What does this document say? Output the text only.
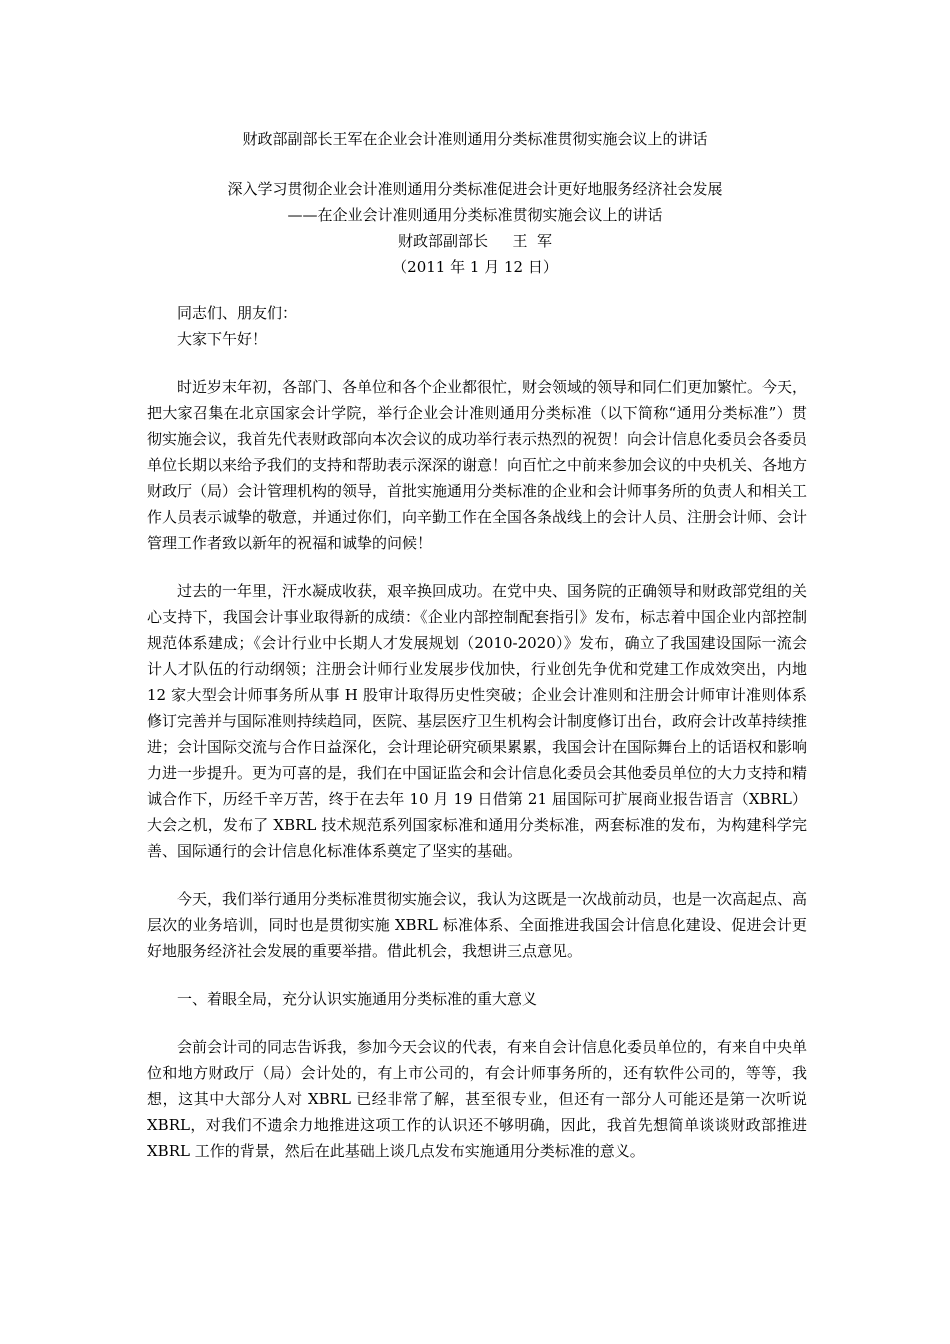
财政部副部长王军在企业会计准则通用分类标准贯彻实施会议上的讲话
深入学习贯彻企业会计准则通用分类标准促进会计更好地服务经济社会发展
——在企业会计准则通用分类标准贯彻实施会议上的讲话
财政部副部长　  王  军
（2011 年 1 月 12 日）

同志们、朋友们：

大家下午好！

时近岁末年初，各部门、各单位和各个企业都很忙，财会领域的领导和同仁们更加繁忙。今天，把大家召集在北京国家会计学院，举行企业会计准则通用分类标准（以下简称“通用分类标准”）贯彻实施会议，我首先代表财政部向本次会议的成功举行表示热烈的祝贺！向会计信息化委员会各委员单位长期以来给予我们的支持和帮助表示深深的谢意！向百忙之中前来参加会议的中央机关、各地方财政厅（局）会计管理机构的领导，首批实施通用分类标准的企业和会计师事务所的负责人和相关工作人员表示诚挚的敬意，并通过你们，向辛勤工作在全国各条战线上的会计人员、注册会计师、会计管理工作者致以新年的祝福和诚挚的问候！

过去的一年里，汗水凝成收获，艰辛换回成功。在党中央、国务院的正确领导和财政部党组的关心支持下，我国会计事业取得新的成绩：《企业内部控制配套指引》发布，标志着中国企业内部控制规范体系建成；《会计行业中长期人才发展规划（2010-2020）》发布，确立了我国建设国际一流会计人才队伍的行动纲领；注册会计师行业发展步伐加快，行业创先争优和党建工作成效突出，内地 12 家大型会计师事务所从事 H 股审计取得历史性突破；企业会计准则和注册会计师审计准则体系修订完善并与国际准则持续趋同，医院、基层医疗卫生机构会计制度修订出台，政府会计改革持续推进；会计国际交流与合作日益深化，会计理论研究硕果累累，我国会计在国际舞台上的话语权和影响力进一步提升。更为可喜的是，我们在中国证监会和会计信息化委员会其他委员单位的大力支持和精诚合作下，历经千辛万苦，终于在去年 10 月 19 日借第 21 届国际可扩展商业报告语言（XBRL）大会之机，发布了 XBRL 技术规范系列国家标准和通用分类标准，两套标准的发布，为构建科学完善、国际通行的会计信息化标准体系奠定了坚实的基础。

今天，我们举行通用分类标准贯彻实施会议，我认为这既是一次战前动员，也是一次高起点、高层次的业务培训，同时也是贯彻实施 XBRL 标准体系、全面推进我国会计信息化建设、促进会计更好地服务经济社会发展的重要举措。借此机会，我想讲三点意见。

一、着眼全局，充分认识实施通用分类标准的重大意义

会前会计司的同志告诉我，参加今天会议的代表，有来自会计信息化委员单位的，有来自中央单位和地方财政厅（局）会计处的，有上市公司的，有会计师事务所的，还有软件公司的，等等，我想，这其中大部分人对 XBRL 已经非常了解，甚至很专业，但还有一部分人可能还是第一次听说 XBRL，对我们不遗余力地推进这项工作的认识还不够明确，因此，我首先想简单谈谈财政部推进 XBRL 工作的背景，然后在此基础上谈几点发布实施通用分类标准的意义。
